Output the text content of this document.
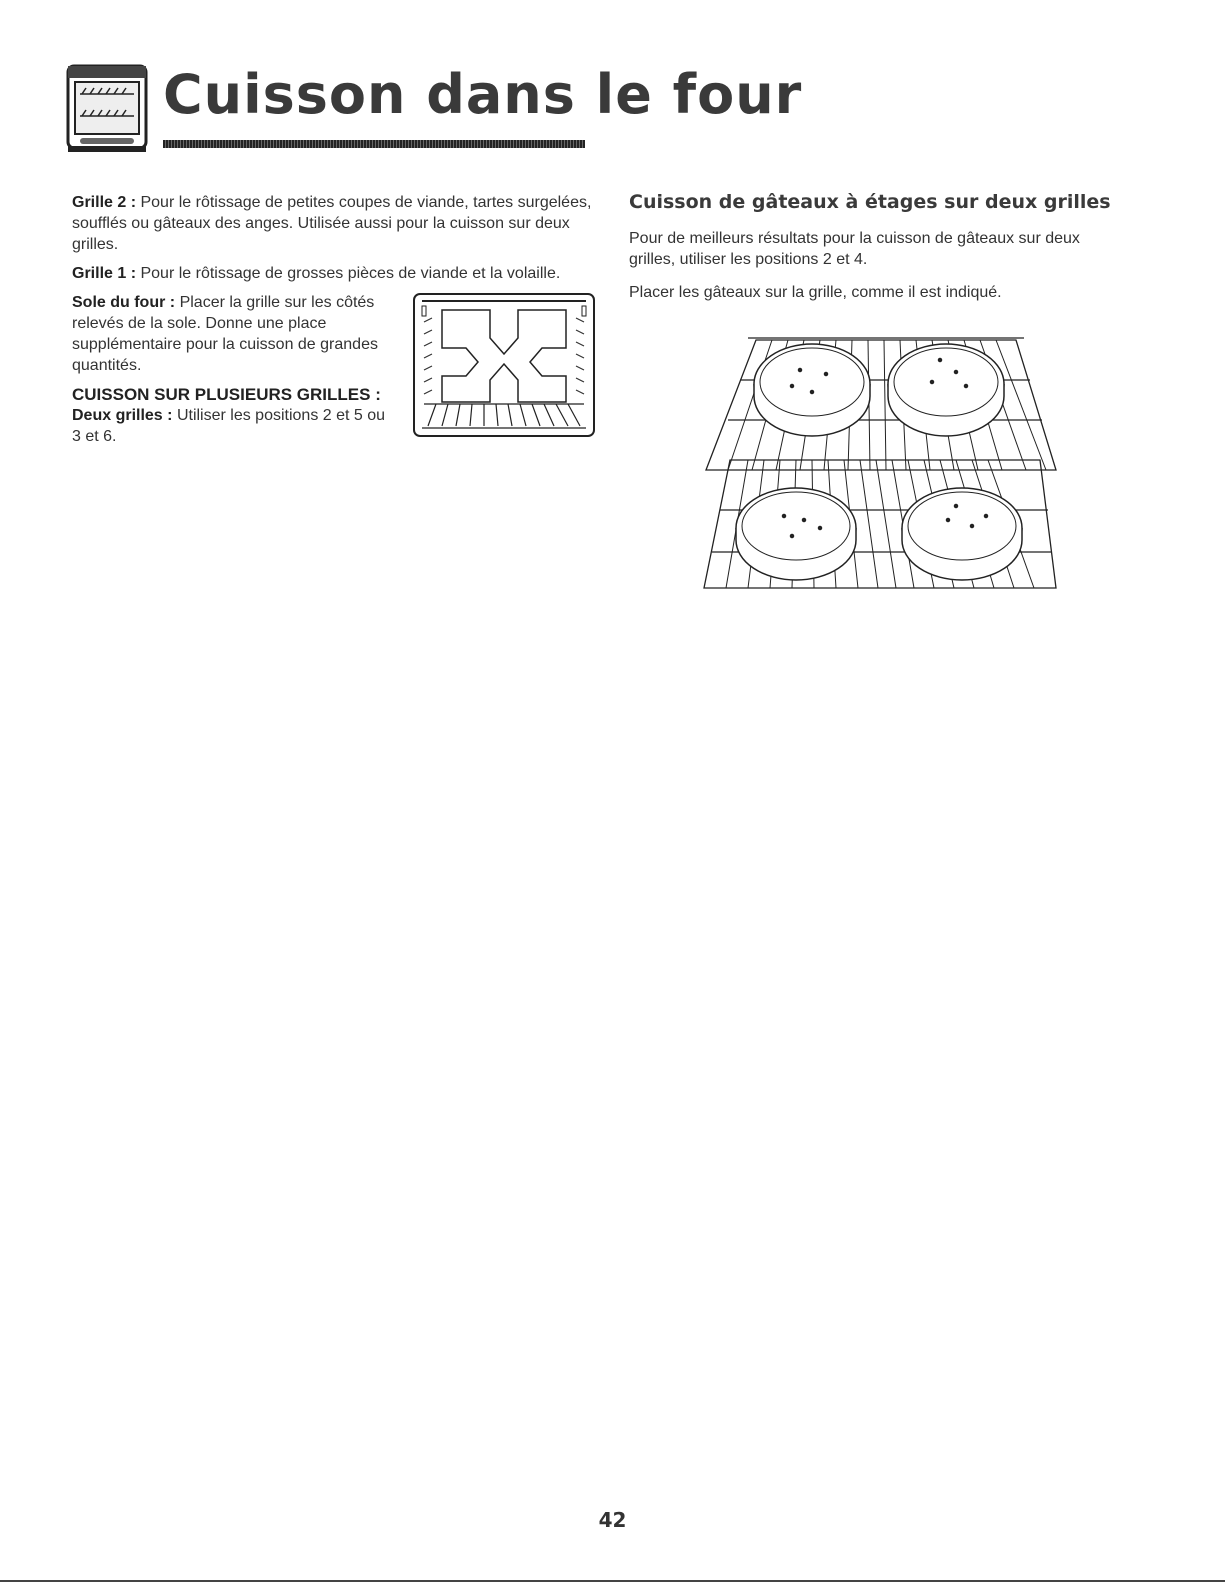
Cuisson dans le four

Grille 2 : Pour le rôtissage de petites coupes de viande, tartes surgelées, soufflés ou gâteaux des anges. Utilisée aussi pour la cuisson sur deux grilles.

Grille 1 : Pour le rôtissage de grosses pièces de viande et la volaille.

Sole du four : Placer la grille sur les côtés relevés de la sole. Donne une place supplémentaire pour la cuisson de grandes quantités.

CUISSON SUR PLUSIEURS GRILLES :

Deux grilles : Utiliser les positions 2 et 5 ou 3 et 6.

Cuisson de gâteaux à étages sur deux grilles

Pour de meilleurs résultats pour la cuisson de gâteaux sur deux grilles, utiliser les positions 2 et 4.

Placer les gâteaux sur la grille, comme il est indiqué.

42
